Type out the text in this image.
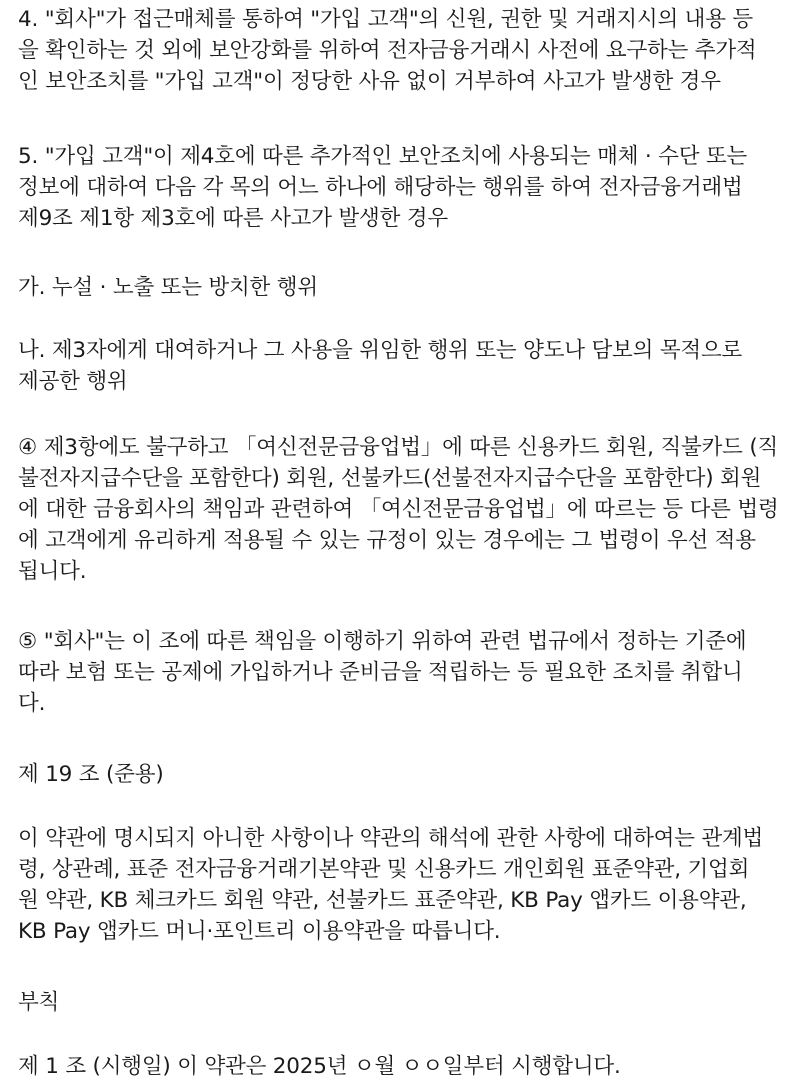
4. "회사"가 접근매체를 통하여 "가입 고객"의 신원, 권한 및 거래지시의 내용 등
을 확인하는 것 외에 보안강화를 위하여 전자금융거래시 사전에 요구하는 추가적
인 보안조치를 "가입 고객"이 정당한 사유 없이 거부하여 사고가 발생한 경우
5. "가입 고객"이 제4호에 따른 추가적인 보안조치에 사용되는 매체 · 수단 또는
정보에 대하여 다음 각 목의 어느 하나에 해당하는 행위를 하여 전자금융거래법
제9조 제1항 제3호에 따른 사고가 발생한 경우
가. 누설 · 노출 또는 방치한 행위
나. 제3자에게 대여하거나 그 사용을 위임한 행위 또는 양도나 담보의 목적으로
제공한 행위
④ 제3항에도 불구하고 「여신전문금융업법」에 따른 신용카드 회원, 직불카드 (직
불전자지급수단을 포함한다) 회원, 선불카드(선불전자지급수단을 포함한다) 회원
에 대한 금융회사의 책임과 관련하여 「여신전문금융업법」에 따르는 등 다른 법령
에 고객에게 유리하게 적용될 수 있는 규정이 있는 경우에는 그 법령이 우선 적용
됩니다.
⑤ "회사"는 이 조에 따른 책임을 이행하기 위하여 관련 법규에서 정하는 기준에
따라 보험 또는 공제에 가입하거나 준비금을 적립하는 등 필요한 조치를 취합니
다.
제 19 조 (준용)
이 약관에 명시되지 아니한 사항이나 약관의 해석에 관한 사항에 대하여는 관계법
령, 상관례, 표준 전자금융거래기본약관 및 신용카드 개인회원 표준약관, 기업회
원 약관, KB 체크카드 회원 약관, 선불카드 표준약관, KB Pay 앱카드 이용약관,
KB Pay 앱카드 머니·포인트리 이용약관을 따릅니다.
부칙
제 1 조 (시행일) 이 약관은 2025년 ㅇ월 ㅇㅇ일부터 시행합니다.
